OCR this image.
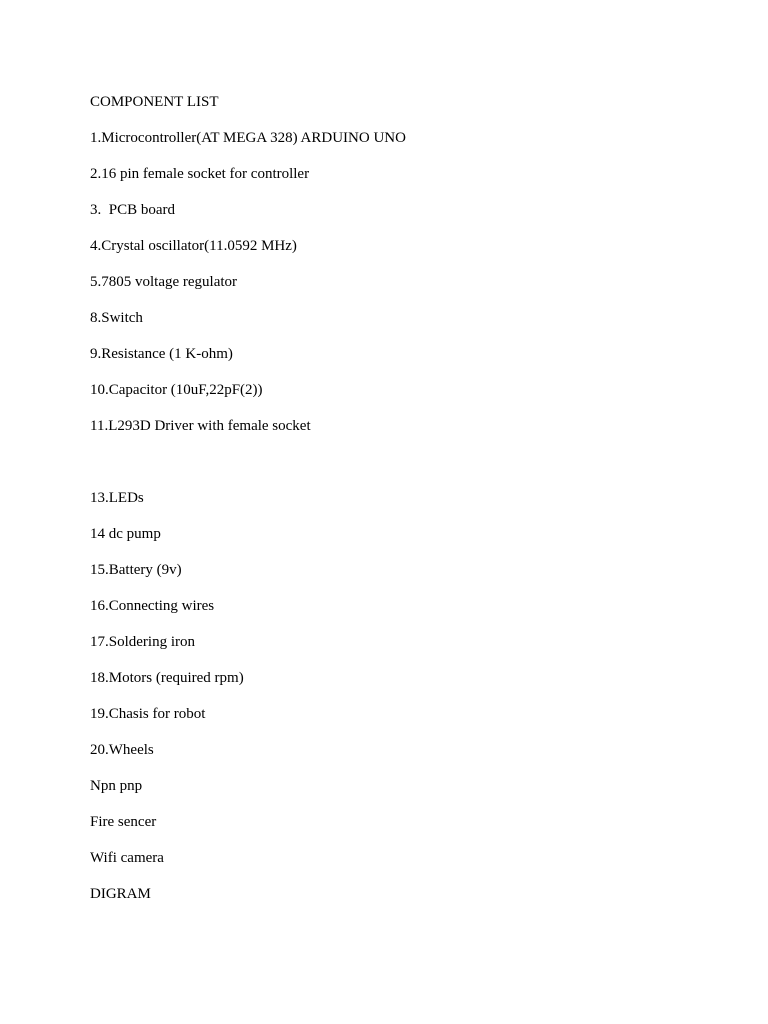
COMPONENT LIST
1.Microcontroller(AT MEGA 328) ARDUINO UNO
2.16 pin female socket for controller
3.  PCB board
4.Crystal oscillator(11.0592 MHz)
5.7805 voltage regulator
8.Switch
9.Resistance (1 K-ohm)
10.Capacitor (10uF,22pF(2))
11.L293D Driver with female socket
13.LEDs
14 dc pump
15.Battery (9v)
16.Connecting wires
17.Soldering iron
18.Motors (required rpm)
19.Chasis for robot
20.Wheels
Npn pnp
Fire sencer
Wifi camera
DIGRAM
